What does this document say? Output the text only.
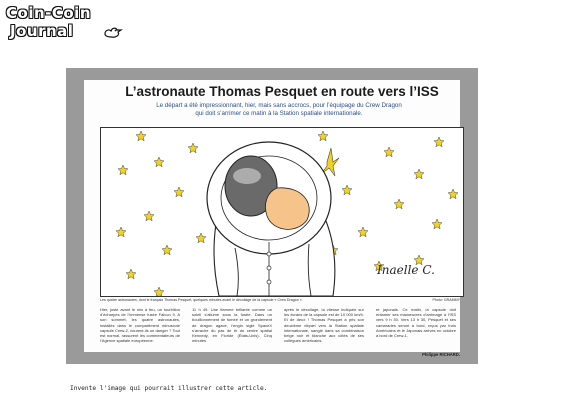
Coin-Coin
Journal
L’astronaute Thomas Pesquet en route vers l’ISS
Le départ a été impressionnant, hier, mais sans accrocs, pour l’équipage du Crew Dragon
qui doit s’arrimer ce matin à la Station spatiale internationale.
Inaelle C.
Les quatre astronautes, dont le français Thomas Pesquet, quelques minutes avant le décollage de la capsule « Crew Dragon ».	Photo: GRAMMY
Hier, juste avant le mis à feu, un tourbillon d’écharpes de l’immense fusée Falcon 9. A son sommet, les quatre astronautes, installés dans le compartiment minuscule capsule Crew-2, courent-ils un danger ? Tout est normal, rassurent les commentateurs de l’Agence spatiale européenne.
11 h 49. Une flamme brillante comme un soleil s’allume sous la fusée. Dans un bouillonnement de fumée et un grondement de dragon agacé, l’engin siglé SpaceX s’arrache du pas de tir du centre spatial Kennedy, en Floride (États-Unis). Cinq minutes
après le décollage, la vitesse indiquée sur les écrans de la capsule est de 10 000 km/h. Et de deux ! Thomas Pesquet a pris son deuxième départ vers la Station spatiale internationale, sanglé dans sa combinaison beige noir et blanche aux côtés de ses collègues américains.
et japonais. Ce matin, la capsule doit entamer ses manœuvres d’arrimage à l’ISS vers 9 h 30. Vers 13 h 30, Pesquet et ses camarades seront à bord, reçus par trois Américains et le Japonais arrivés en octobre à bord de Crew-1.
Philippe RICHARD.
Invente l'image qui pourrait illustrer cette article.
